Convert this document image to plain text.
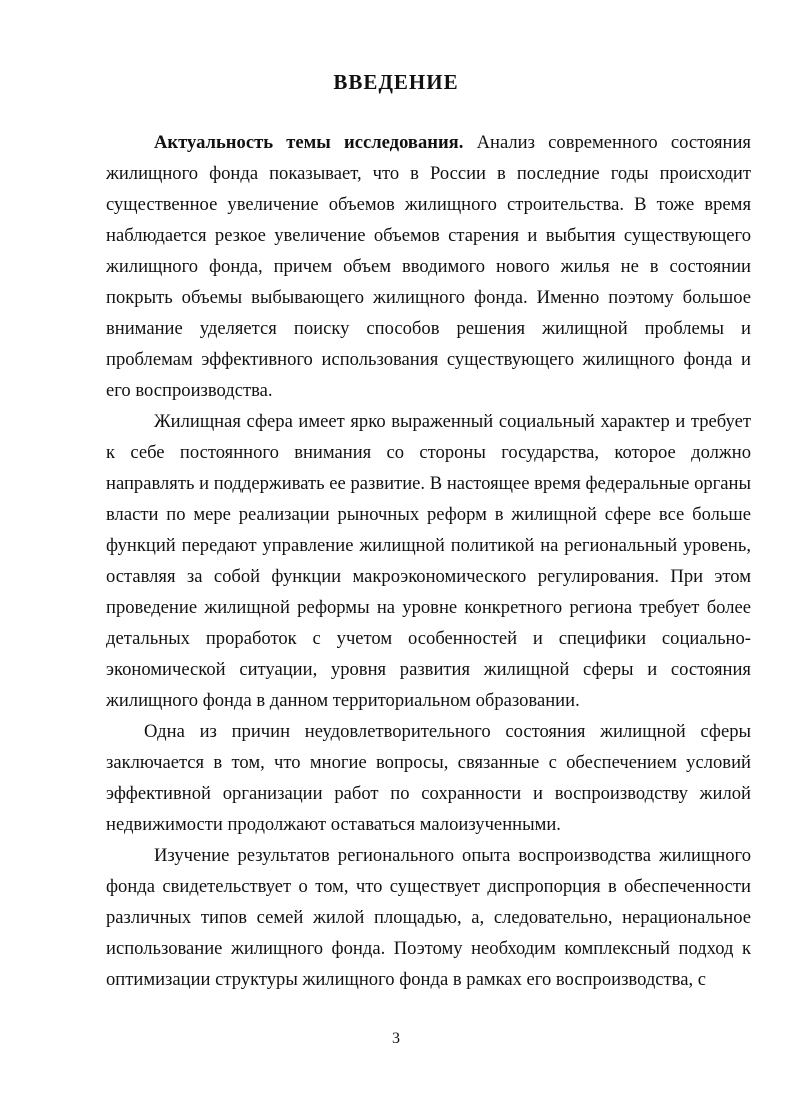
ВВЕДЕНИЕ

Актуальность темы исследования. Анализ современного состояния жилищного фонда показывает, что в России в последние годы происходит существенное увеличение объемов жилищного строительства. В тоже время наблюдается резкое увеличение объемов старения и выбытия существующего жилищного фонда, причем объем вводимого нового жилья не в состоянии покрыть объемы выбывающего жилищного фонда. Именно поэтому большое внимание уделяется поиску способов решения жилищной проблемы и проблемам эффективного использования существующего жилищного фонда и его воспроизводства.

Жилищная сфера имеет ярко выраженный социальный характер и требует к себе постоянного внимания со стороны государства, которое должно направлять и поддерживать ее развитие. В настоящее время федеральные органы власти по мере реализации рыночных реформ в жилищной сфере все больше функций передают управление жилищной политикой на региональный уровень, оставляя за собой функции макроэкономического регулирования. При этом проведение жилищной реформы на уровне конкретного региона требует более детальных проработок с учетом особенностей и специфики социально-экономической ситуации, уровня развития жилищной сферы и состояния жилищного фонда в данном территориальном образовании.

Одна из причин неудовлетворительного состояния жилищной сферы заключается в том, что многие вопросы, связанные с обеспечением условий эффективной организации работ по сохранности и воспроизводству жилой недвижимости продолжают оставаться малоизученными.

Изучение результатов регионального опыта воспроизводства жилищного фонда свидетельствует о том, что существует диспропорция в обеспеченности различных типов семей жилой площадью, а, следовательно, нерациональное использование жилищного фонда. Поэтому необходим комплексный подход к оптимизации структуры жилищного фонда в рамках его воспроизводства, с

3
